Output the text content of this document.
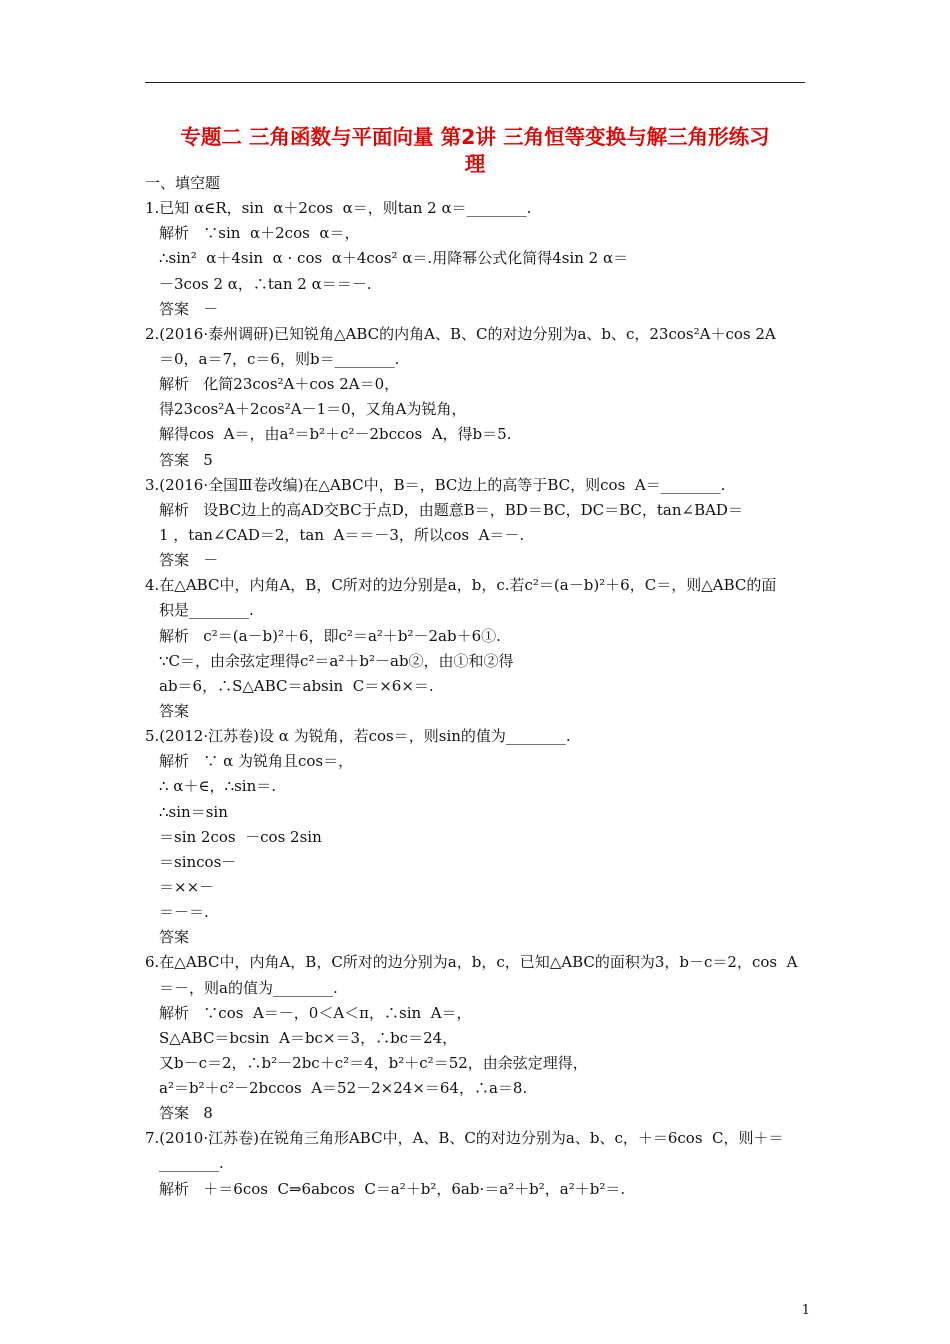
专题二 三角函数与平面向量 第2讲 三角恒等变换与解三角形练习
理
一、填空题
1.已知 α∈R，sin  α＋2cos  α＝，则tan 2 α＝________.
解析   ∵sin  α＋2cos  α＝，
∴sin²  α＋4sin  α · cos  α＋4cos² α＝.用降幂公式化简得4sin 2 α＝
－3cos 2 α，∴tan 2 α＝＝－.
答案   －
2.(2016·泰州调研)已知锐角△ABC的内角A、B、C的对边分别为a、b、c，23cos²A＋cos 2A
＝0，a＝7，c＝6，则b＝________.
解析   化简23cos²A＋cos 2A＝0，
得23cos²A＋2cos²A－1＝0，又角A为锐角，
解得cos  A＝，由a²＝b²＋c²－2bccos  A，得b＝5.
答案   5
3.(2016·全国Ⅲ卷改编)在△ABC中，B＝，BC边上的高等于BC，则cos  A＝________.
解析   设BC边上的高AD交BC于点D，由题意B＝，BD＝BC，DC＝BC，tan∠BAD＝
1 ，tan∠CAD＝2，tan  A＝＝－3，所以cos  A＝－.
答案   －
4.在△ABC中，内角A，B，C所对的边分别是a，b，c.若c²＝(a－b)²＋6，C＝，则△ABC的面
积是________.
解析   c²＝(a－b)²＋6，即c²＝a²＋b²－2ab＋6①.
∵C＝，由余弦定理得c²＝a²＋b²－ab②，由①和②得
ab＝6，∴S△ABC＝absin  C＝×6×＝.
答案
5.(2012·江苏卷)设 α 为锐角，若cos＝，则sin的值为________.
解析   ∵ α 为锐角且cos＝，
∴ α＋∈，∴sin＝.
∴sin＝sin
＝sin 2cos  －cos 2sin
＝sincos－
＝××－
＝－＝.
答案
6.在△ABC中，内角A，B，C所对的边分别为a，b，c，已知△ABC的面积为3，b－c＝2，cos  A
＝－，则a的值为________.
解析   ∵cos  A＝－，0＜A＜π，∴sin  A＝，
S△ABC＝bcsin  A＝bc×＝3，∴bc＝24，
又b－c＝2，∴b²－2bc＋c²＝4，b²＋c²＝52，由余弦定理得，
a²＝b²＋c²－2bccos  A＝52－2×24×＝64，∴a＝8.
答案   8
7.(2010·江苏卷)在锐角三角形ABC中，A、B、C的对边分别为a、b、c，＋＝6cos  C，则＋＝
________.
解析   ＋＝6cos  C⇒6abcos  C＝a²＋b²，6ab·＝a²＋b²，a²＋b²＝.
1
